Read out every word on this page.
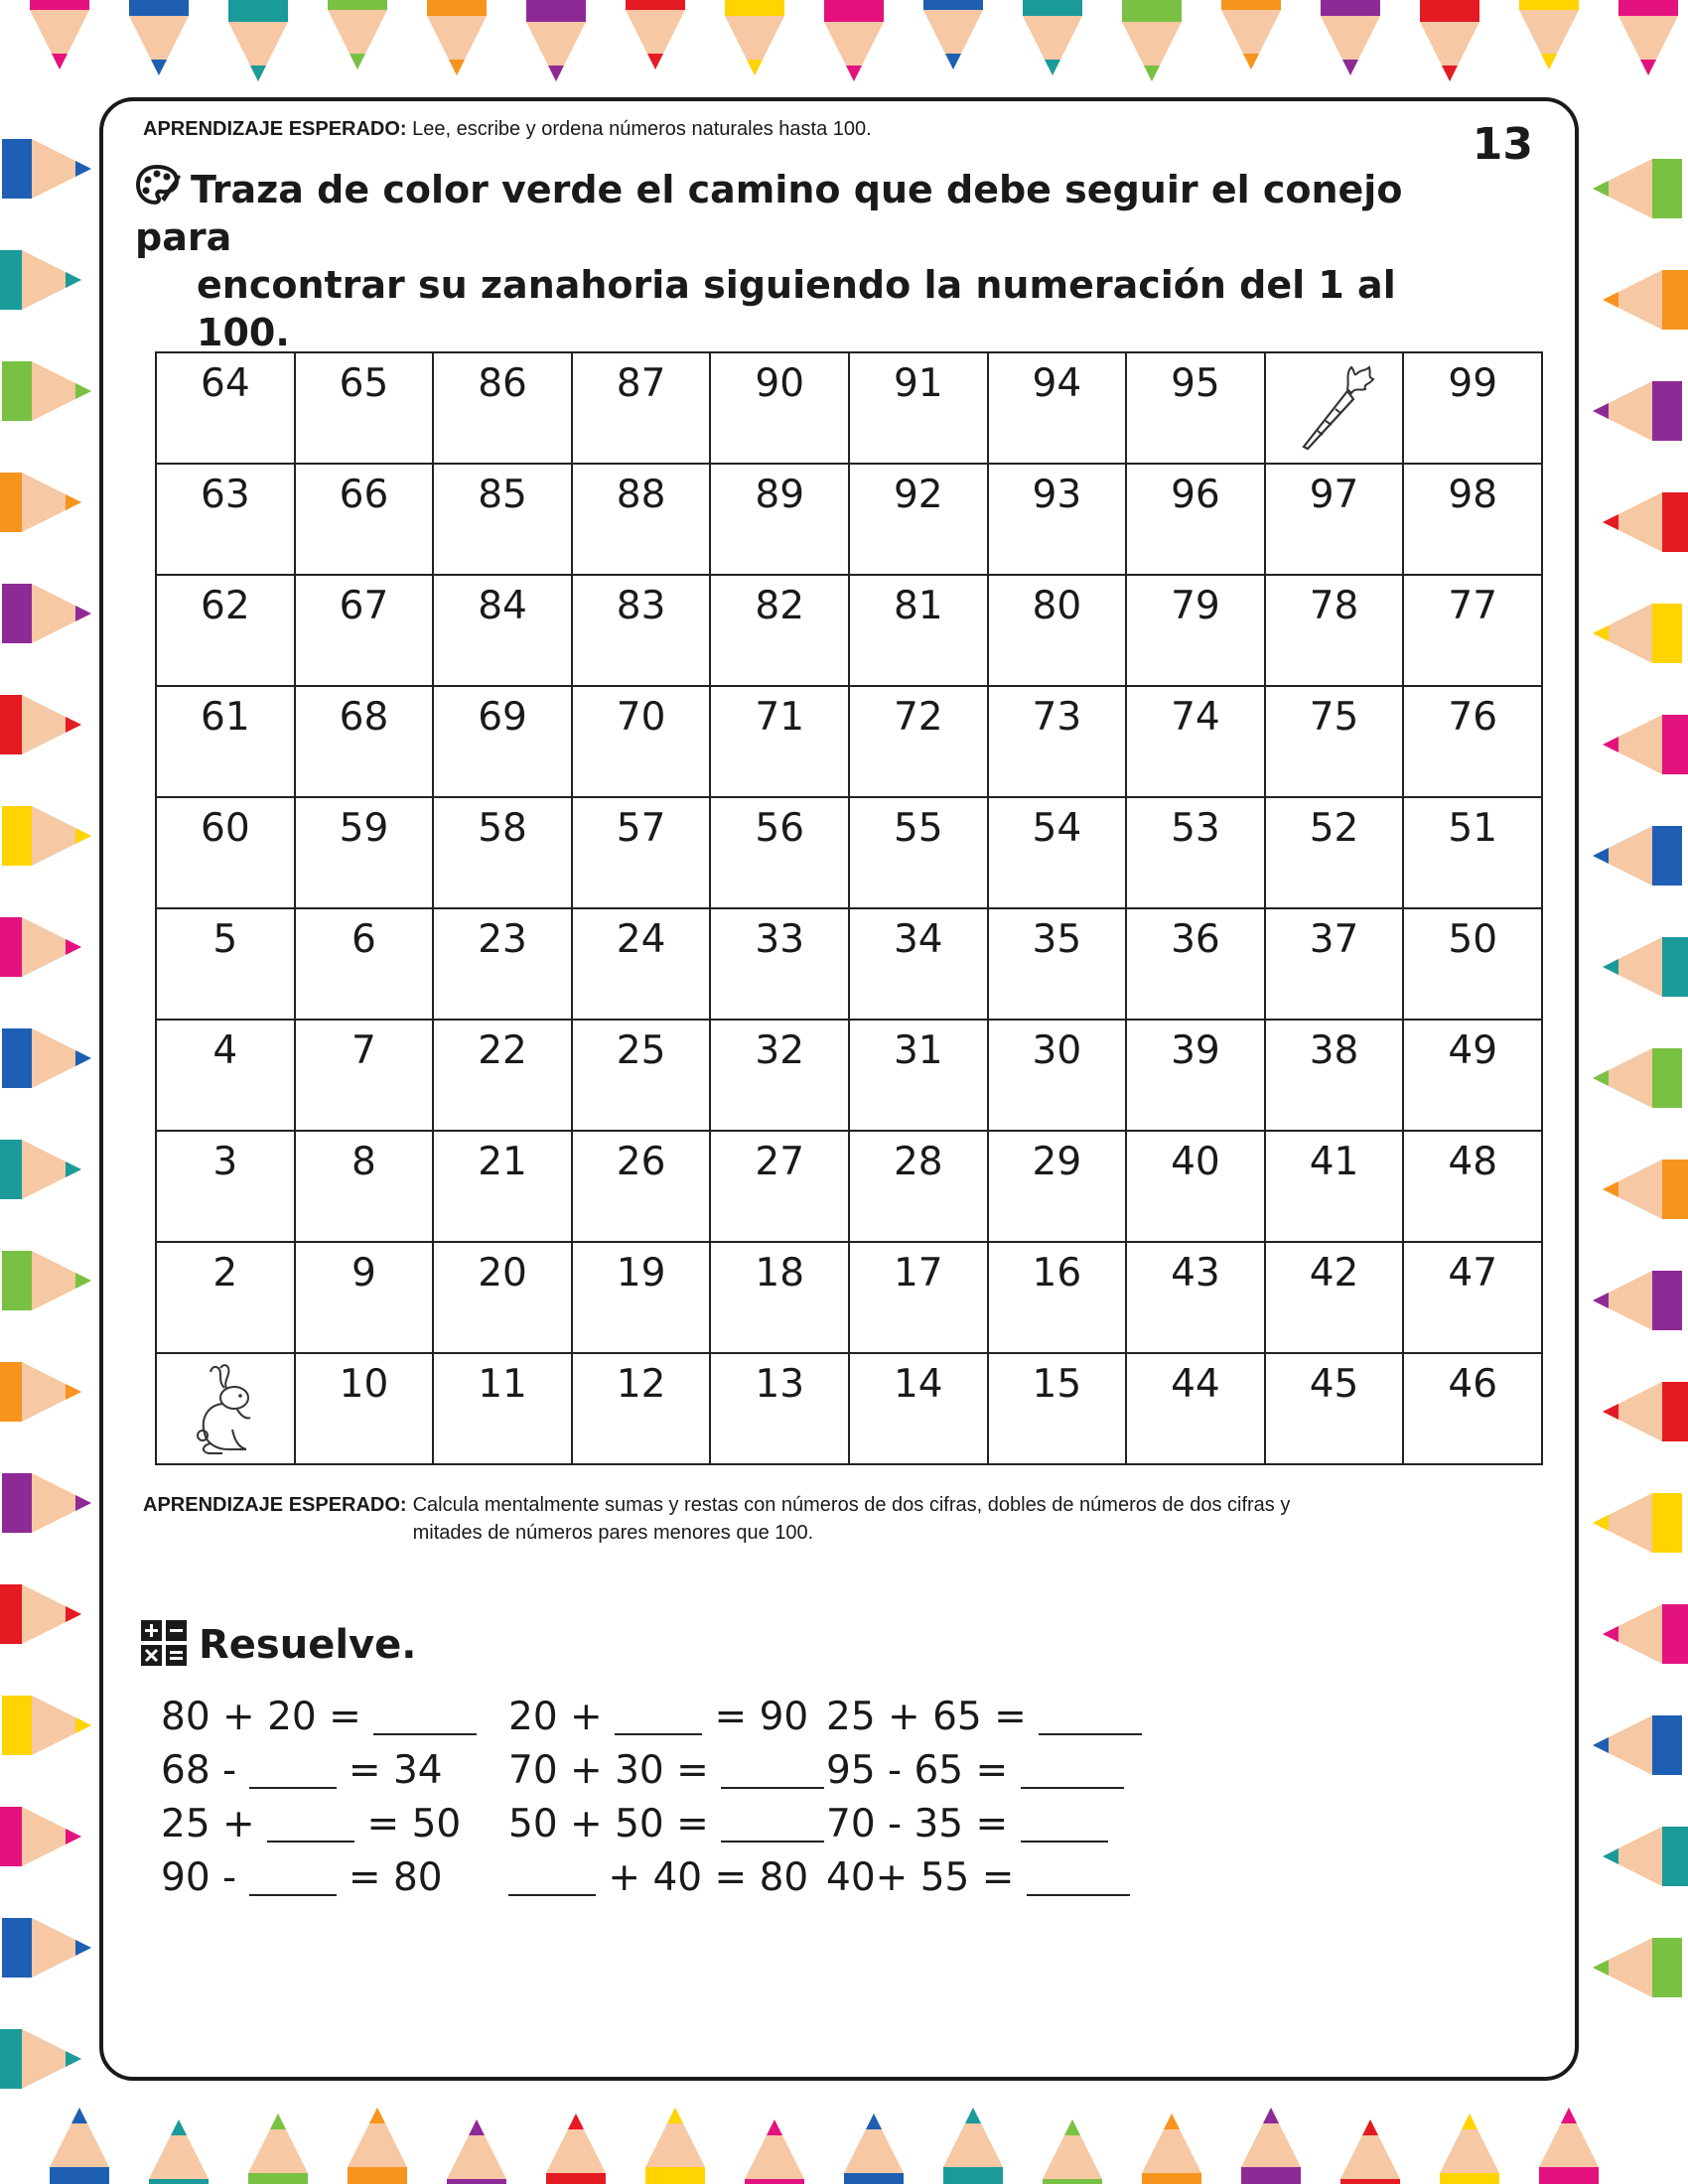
13
APRENDIZAJE ESPERADO: Lee, escribe y ordena números naturales hasta 100.
Traza de color verde el camino que debe seguir el conejo para
encontrar su zanahoria siguiendo la numeración del 1 al 100.
64	65	86	87	90	91	94	95		99
63	66	85	88	89	92	93	96	97	98
62	67	84	83	82	81	80	79	78	77
61	68	69	70	71	72	73	74	75	76
60	59	58	57	56	55	54	53	52	51
5	6	23	24	33	34	35	36	37	50
4	7	22	25	32	31	30	39	38	49
3	8	21	26	27	28	29	40	41	48
2	9	20	19	18	17	16	43	42	47

	10	11	12	13	14	15	44	45	46
APRENDIZAJE ESPERADO: Calcula mentalmente sumas y restas con números de dos cifras, dobles de números de dos cifras y
mitades de números pares menores que 100.
Resuelve.
80 + 20 =	20 +	= 90 25 + 65 =
68 -	= 34 70 + 30 =	95 - 65 =
25 +	= 50 50 + 50 =	70 - 35 =
90 -	= 80	+ 40 = 80 40+ 55 =
